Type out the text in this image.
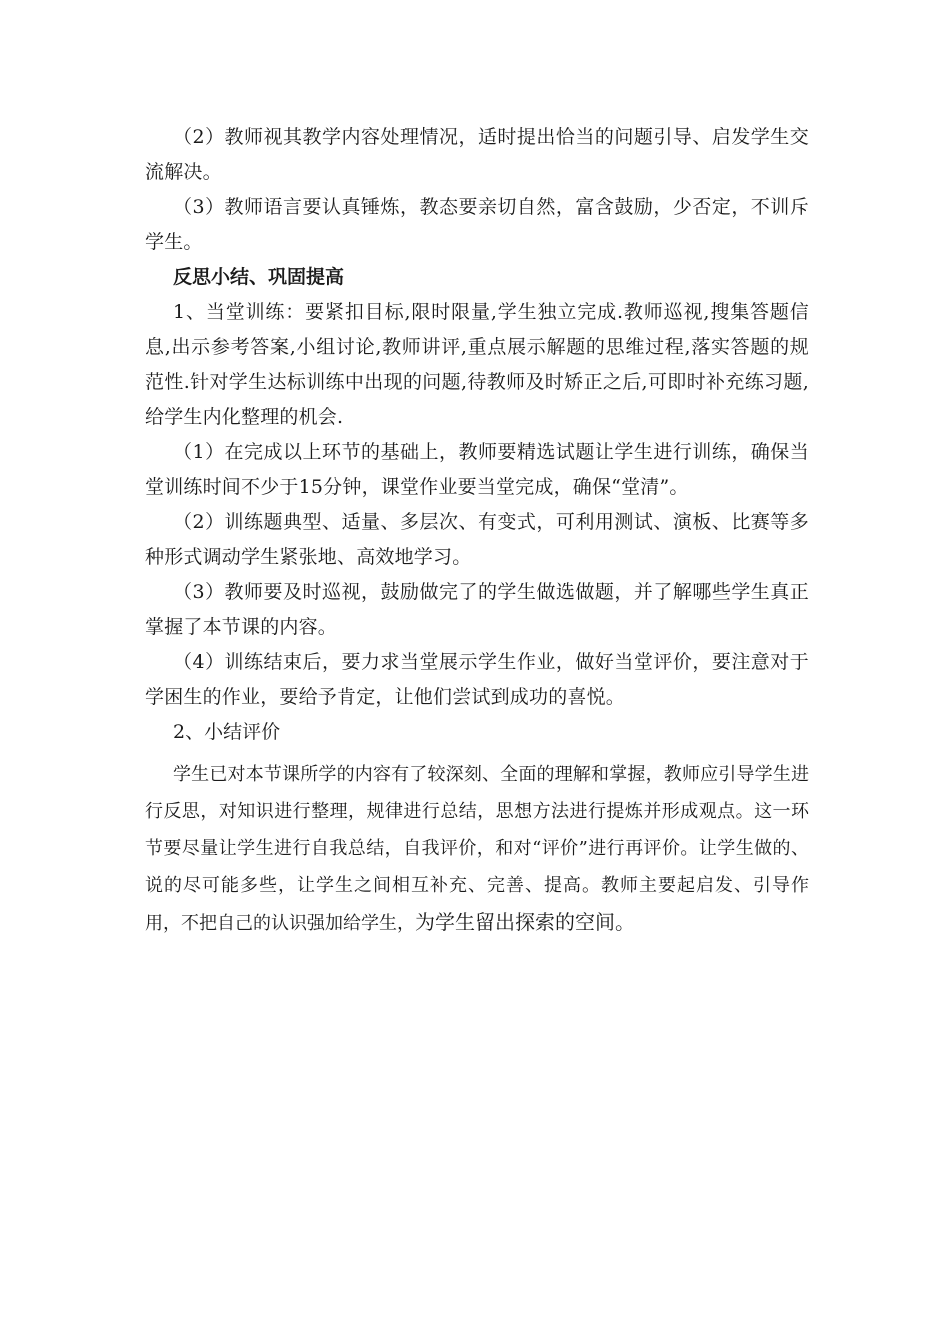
（2）教师视其教学内容处理情况，适时提出恰当的问题引导、启发学生交流解决。

（3）教师语言要认真锤炼，教态要亲切自然，富含鼓励，少否定，不训斥学生。

反思小结、巩固提高

1、当堂训练：要紧扣目标,限时限量,学生独立完成.教师巡视,搜集答题信息,出示参考答案,小组讨论,教师讲评,重点展示解题的思维过程,落实答题的规范性.针对学生达标训练中出现的问题,待教师及时矫正之后,可即时补充练习题,给学生内化整理的机会.

（1）在完成以上环节的基础上，教师要精选试题让学生进行训练，确保当堂训练时间不少于15分钟，课堂作业要当堂完成，确保“堂清”。

（2）训练题典型、适量、多层次、有变式，可利用测试、演板、比赛等多种形式调动学生紧张地、高效地学习。

（3）教师要及时巡视，鼓励做完了的学生做选做题，并了解哪些学生真正掌握了本节课的内容。

（4）训练结束后，要力求当堂展示学生作业，做好当堂评价，要注意对于学困生的作业，要给予肯定，让他们尝试到成功的喜悦。

2、小结评价

学生已对本节课所学的内容有了较深刻、全面的理解和掌握，教师应引导学生进行反思，对知识进行整理，规律进行总结，思想方法进行提炼并形成观点。这一环节要尽量让学生进行自我总结，自我评价，和对“评价”进行再评价。让学生做的、说的尽可能多些，让学生之间相互补充、完善、提高。教师主要起启发、引导作用，不把自己的认识强加给学生，为学生留出探索的空间。
